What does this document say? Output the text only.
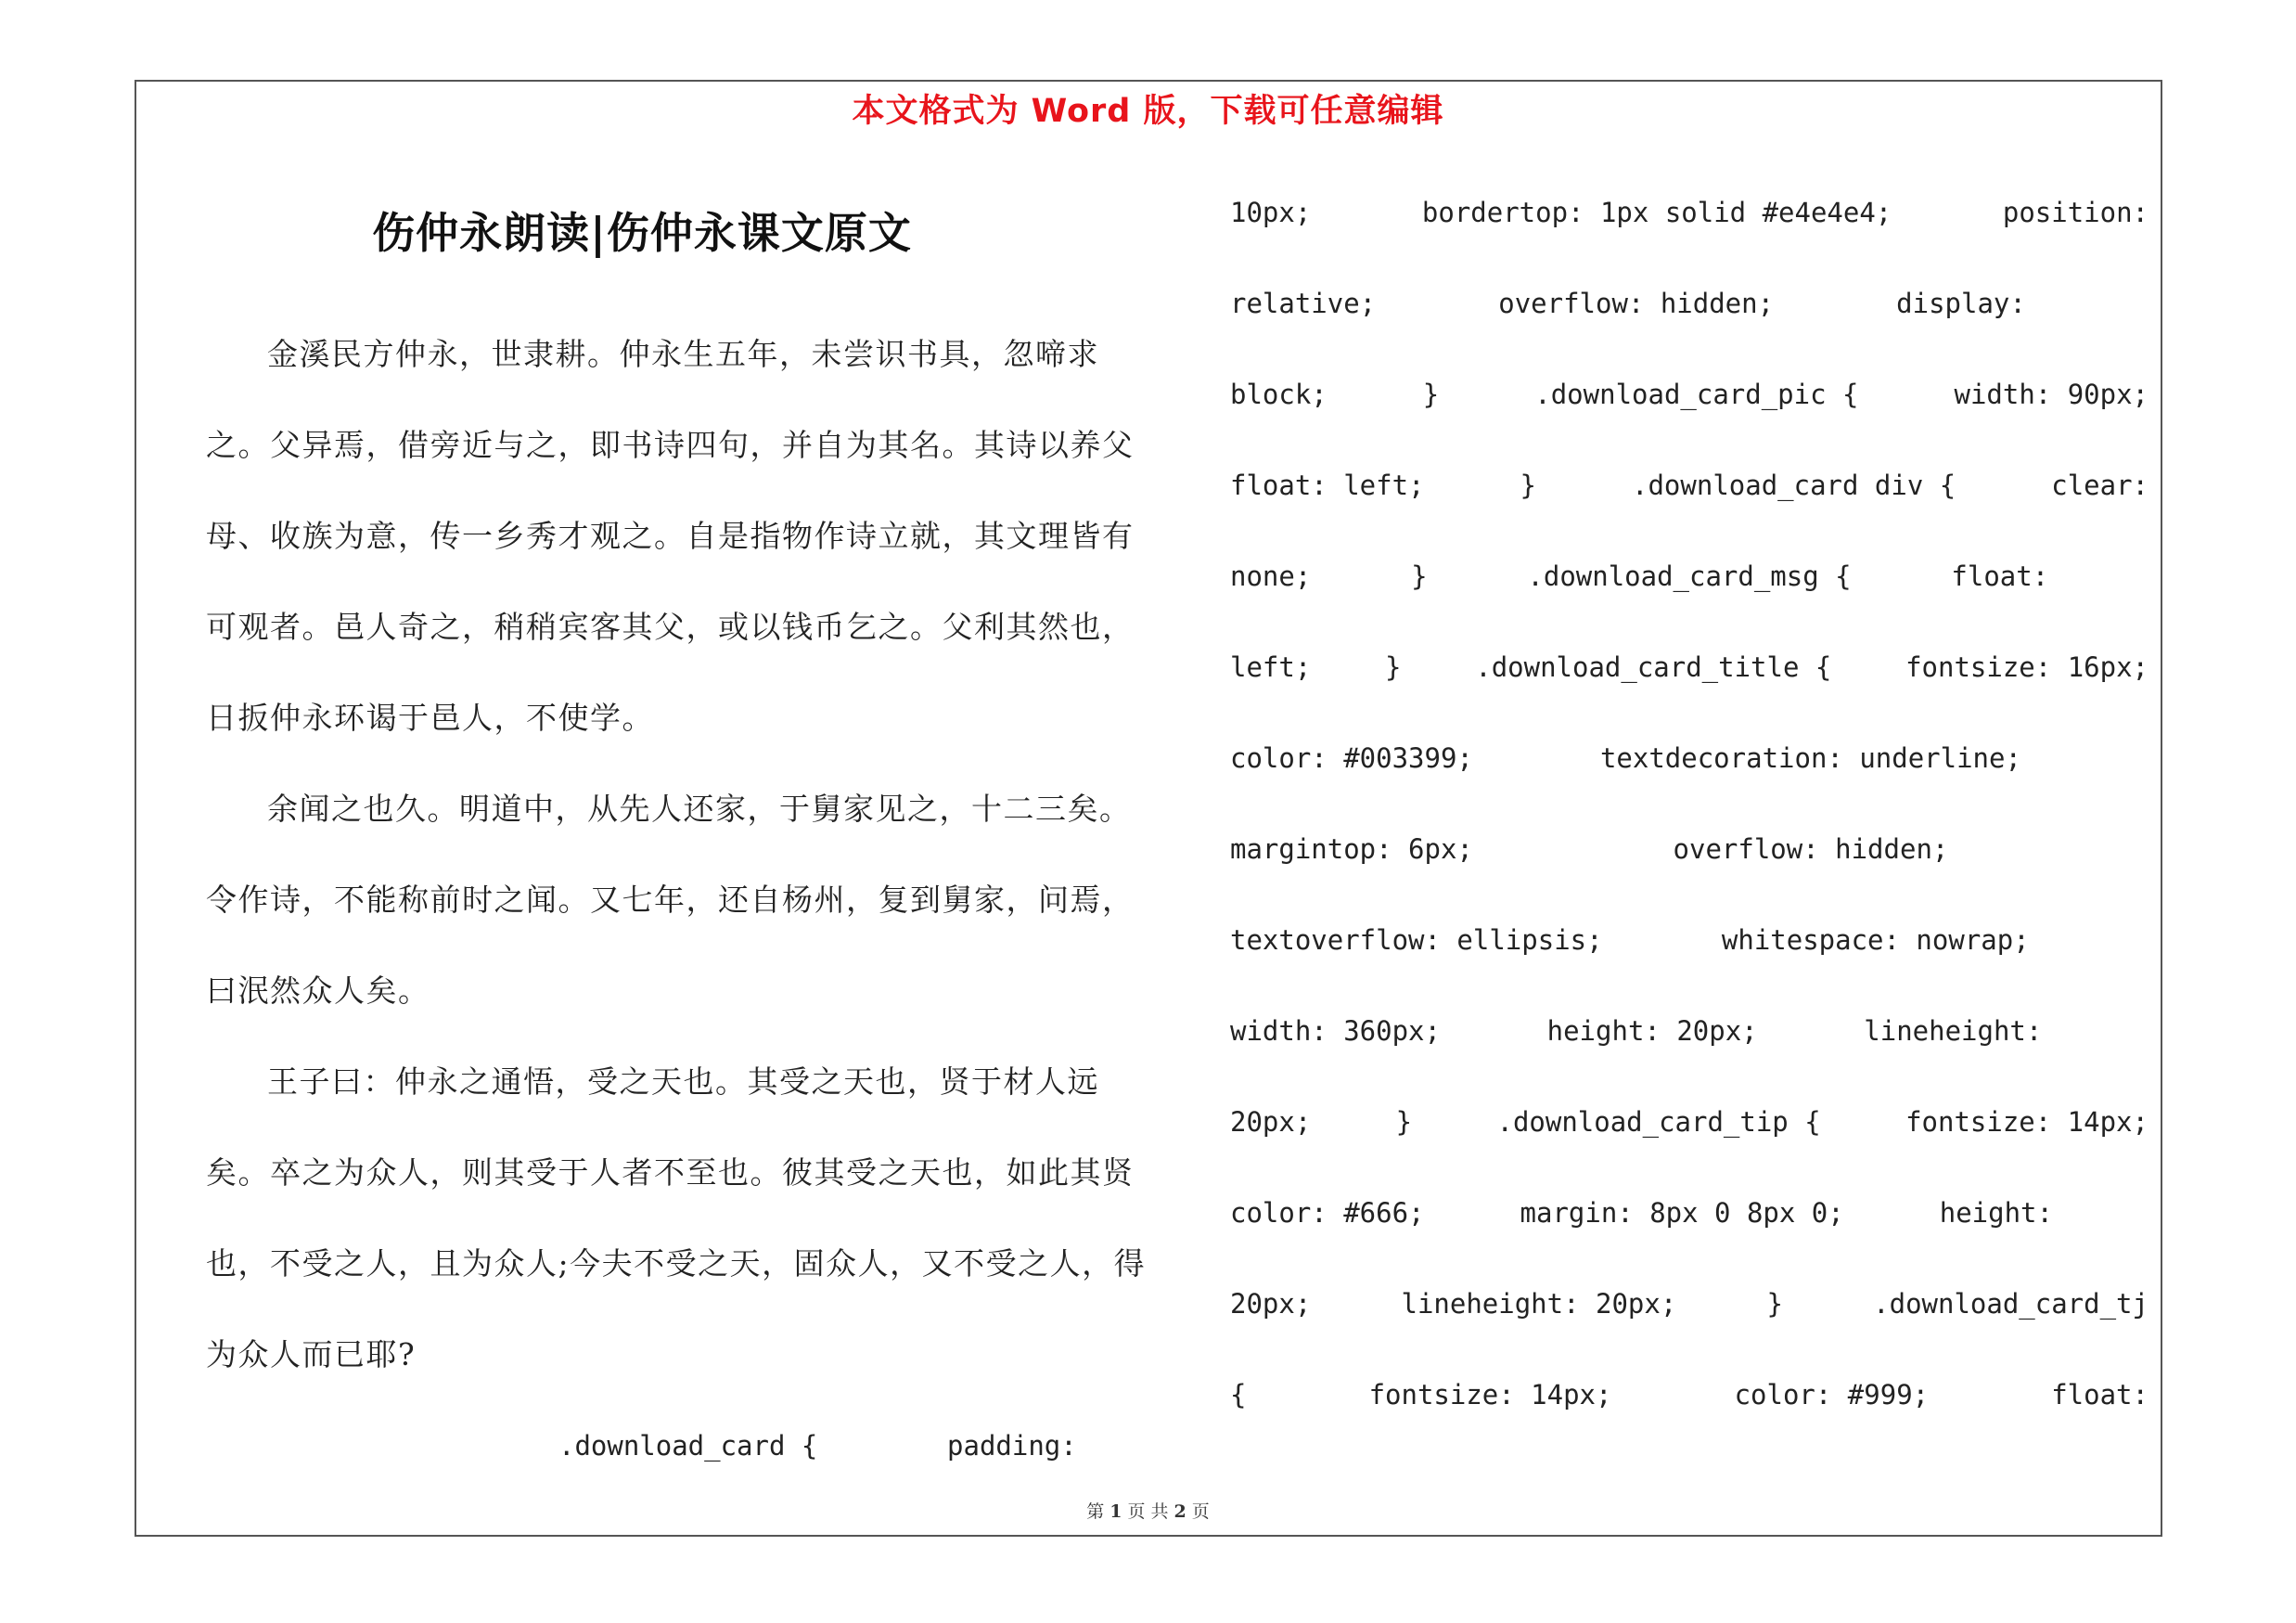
本文格式为 Word 版，下载可任意编辑
伤仲永朗读|伤仲永课文原文

金溪民方仲永，世隶耕。仲永生五年，未尝识书具，忽啼求之。父异焉，借旁近与之，即书诗四句，并自为其名。其诗以养父母、收族为意，传一乡秀才观之。自是指物作诗立就，其文理皆有可观者。邑人奇之，稍稍宾客其父，或以钱币乞之。父利其然也，日扳仲永环谒于邑人，不使学。

余闻之也久。明道中，从先人还家，于舅家见之，十二三矣。令作诗，不能称前时之闻。又七年，还自杨州，复到舅家，问焉，曰泯然众人矣。

王子曰：仲永之通悟，受之天也。其受之天也，贤于材人远矣。卒之为众人，则其受于人者不至也。彼其受之天也，如此其贤也，不受之人，且为众人;今夫不受之天，固众人，又不受之人，得为众人而已耶?

.download_card {        padding:

10px;	bordertop: 1px solid #e4e4e4;	position:
relative;	overflow: hidden;	display:
block;	}	.download_card_pic {	width: 90px;
float: left;	}	.download_card div {	clear:
none;	}	.download_card_msg {	float:
left;	}	.download_card_title {	fontsize: 16px;
color: #003399;	textdecoration: underline;
margintop: 6px;	overflow: hidden;
textoverflow: ellipsis;	whitespace: nowrap;
width: 360px;	height: 20px;	lineheight:
20px;	}	.download_card_tip {	fontsize: 14px;
color: #666;	margin: 8px 0 8px 0;	height:
20px;	lineheight: 20px;	}	.download_card_tj
{	fontsize: 14px;	color: #999;	float:
第 1 页 共 2 页
